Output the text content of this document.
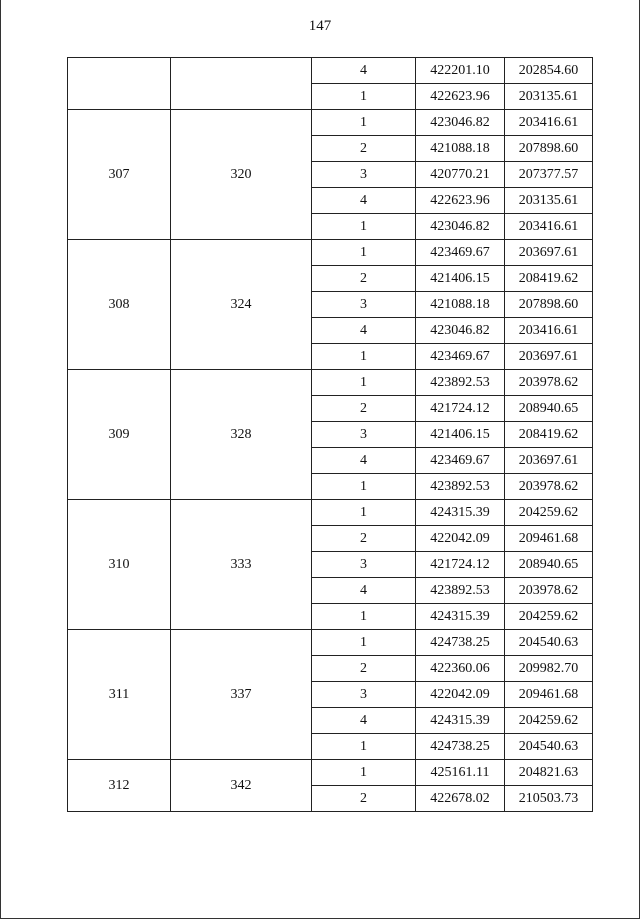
147
		4	422201.10	202854.60
		1	422623.96	203135.61
307	320	1	423046.82	203416.61
		2	421088.18	207898.60
		3	420770.21	207377.57
		4	422623.96	203135.61
		1	423046.82	203416.61
308	324	1	423469.67	203697.61
		2	421406.15	208419.62
		3	421088.18	207898.60
		4	423046.82	203416.61
		1	423469.67	203697.61
309	328	1	423892.53	203978.62
		2	421724.12	208940.65
		3	421406.15	208419.62
		4	423469.67	203697.61
		1	423892.53	203978.62
310	333	1	424315.39	204259.62
		2	422042.09	209461.68
		3	421724.12	208940.65
		4	423892.53	203978.62
		1	424315.39	204259.62
311	337	1	424738.25	204540.63
		2	422360.06	209982.70
		3	422042.09	209461.68
		4	424315.39	204259.62
		1	424738.25	204540.63
312	342	1	425161.11	204821.63
		2	422678.02	210503.73
